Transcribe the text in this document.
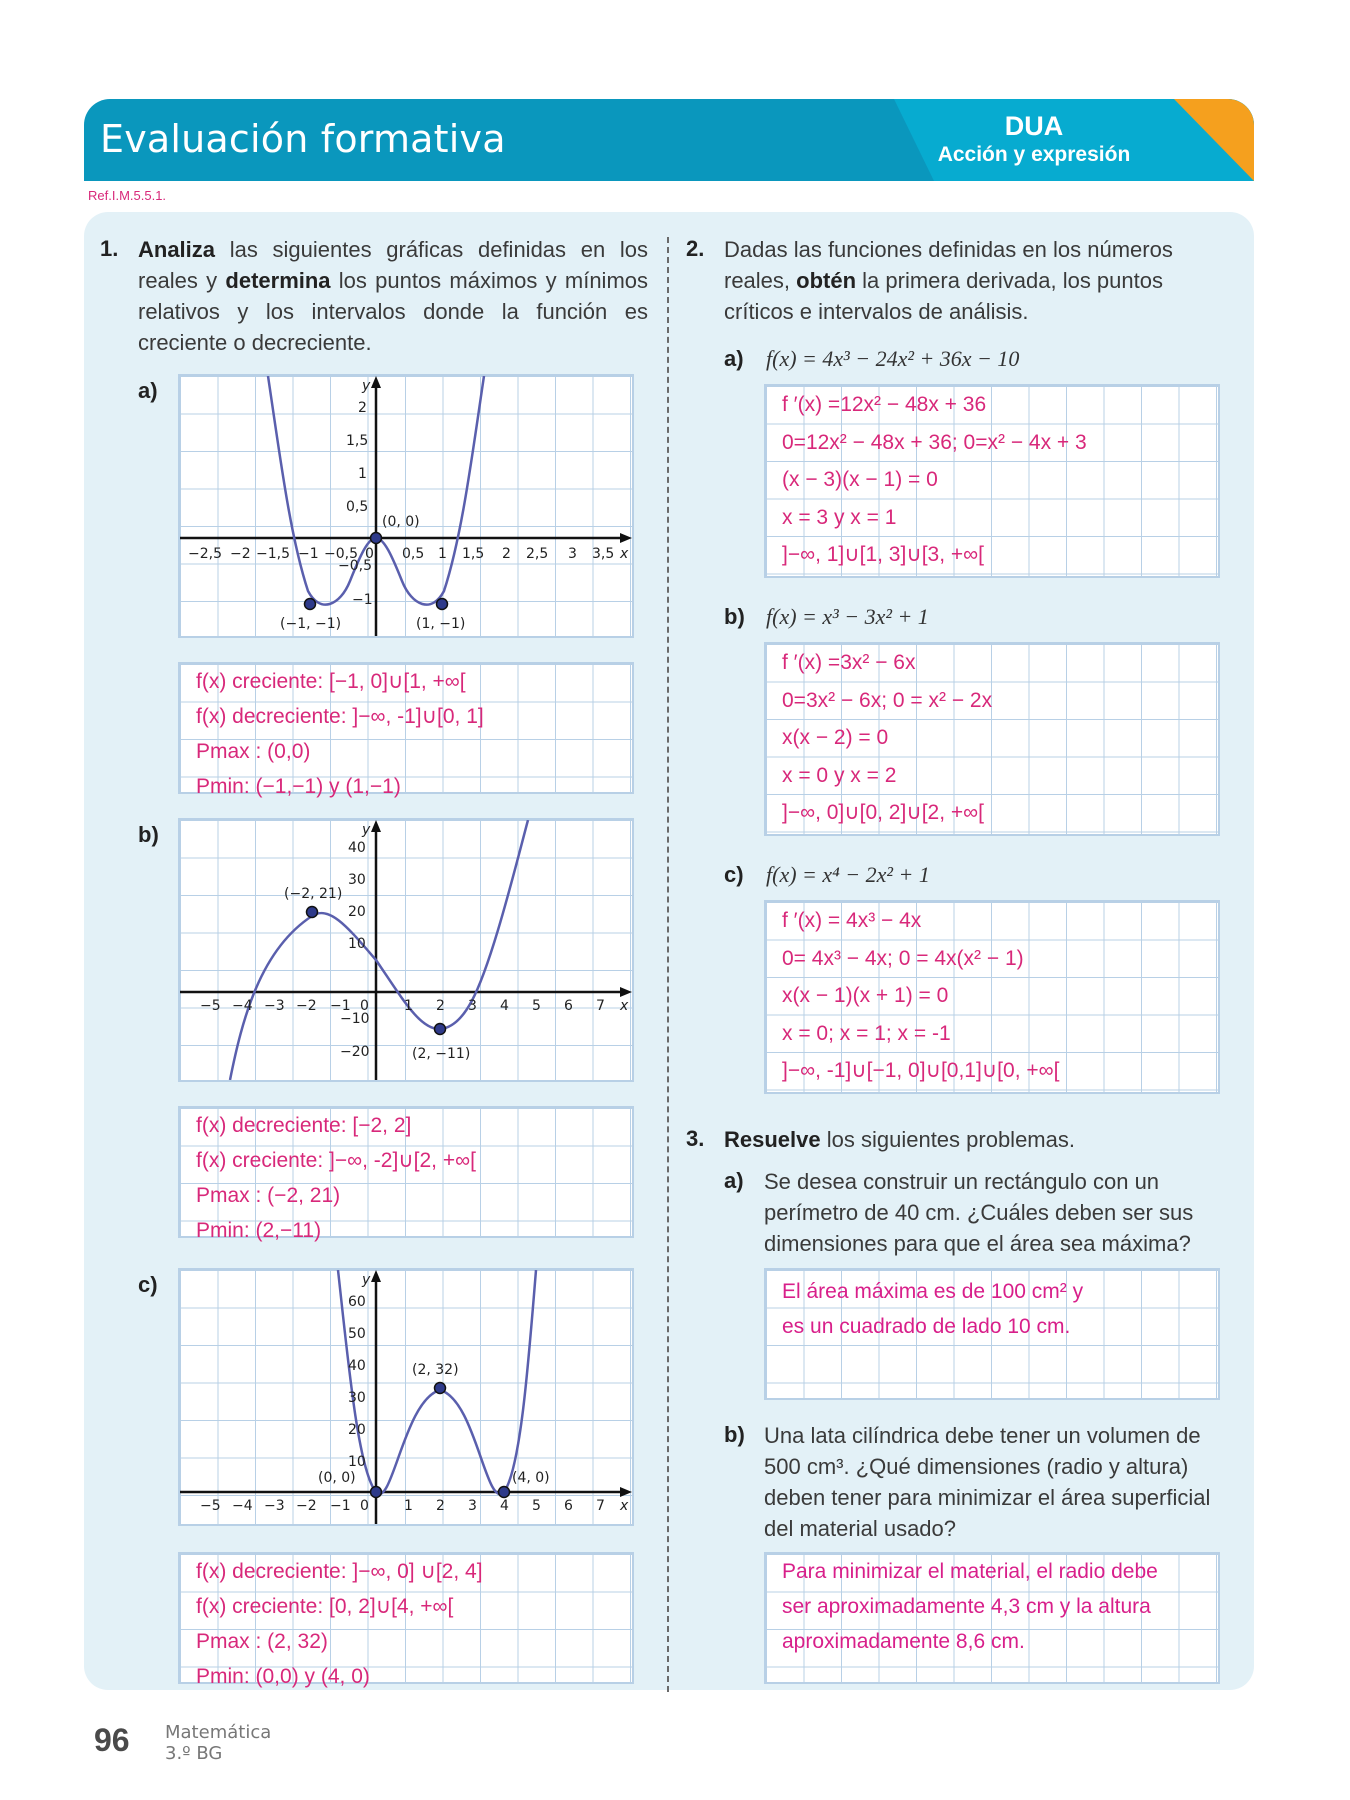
Evaluación formativa	DUA
Acción y expresión
Ref.I.M.5.5.1.
1. Analiza las siguientes gráficas definidas en los reales y determina los puntos máximos y mínimos relativos y los intervalos donde la función es creciente o decreciente.
a)	y
x
2
1,5
1
0,5
−0,5
−1
−2,5 −2 −1,5 −1 −0,5 0 0,5 1 1,5 2 2,5 3 3,5
(0, 0)
(−1, −1)	(1, −1)
f(x) creciente: [−1, 0]∪[1, +∞[
f(x) decreciente: ]−∞, -1]∪[0, 1]
Pmax : (0,0)
Pmin: (−1,−1) y (1,−1)
b)	y
x
40
30
20
10
−10
−20
−5 −4 −3 −2 −1 0	1 2 3 4 5 6 7
(−2, 21)
(2, −11)
f(x) decreciente: [−2, 2]
f(x) creciente: ]−∞, -2]∪[2, +∞[
Pmax : (−2, 21)
Pmin: (2,−11)
c)	y
x
60
50
40
30
20
10
−5 −4 −3 −2 −1 0	1 2 3 4 5 6 7
(2, 32)
(0, 0)	(4, 0)
f(x) decreciente: ]−∞, 0] ∪[2, 4]
f(x) creciente: [0, 2]∪[4, +∞[
Pmax : (2, 32)
Pmin: (0,0) y (4, 0)
2. Dadas las funciones definidas en los números reales, obtén la primera derivada, los puntos críticos e intervalos de análisis.
a) f(x) = 4x³ − 24x² + 36x − 10
f ′(x) =12x² − 48x + 36
0=12x² − 48x + 36; 0=x² − 4x + 3
(x − 3)(x − 1) = 0
x = 3 y x = 1
]−∞, 1]∪[1, 3]∪[3, +∞[
b) f(x) = x³ − 3x² + 1
f ′(x) =3x² − 6x
0=3x² − 6x; 0 = x² − 2x
x(x − 2) = 0
x = 0 y x = 2
]−∞, 0]∪[0, 2]∪[2, +∞[
c) f(x) = x⁴ − 2x² + 1
f ′(x) = 4x³ − 4x
0= 4x³ − 4x; 0 = 4x(x² − 1)
x(x − 1)(x + 1) = 0
x = 0; x = 1; x = -1
]−∞, -1]∪[−1, 0]∪[0,1]∪[0, +∞[
3. Resuelve los siguientes problemas.
a) Se desea construir un rectángulo con un perímetro de 40 cm. ¿Cuáles deben ser sus dimensiones para que el área sea máxima?
El área máxima es de 100 cm² y
es un cuadrado de lado 10 cm.
b) Una lata cilíndrica debe tener un volumen de 500 cm³. ¿Qué dimensiones (radio y altura) deben tener para minimizar el área superficial del material usado?
Para minimizar el material, el radio debe
ser aproximadamente 4,3 cm y la altura
aproximadamente 8,6 cm.
96 Matemática
3.º BG
